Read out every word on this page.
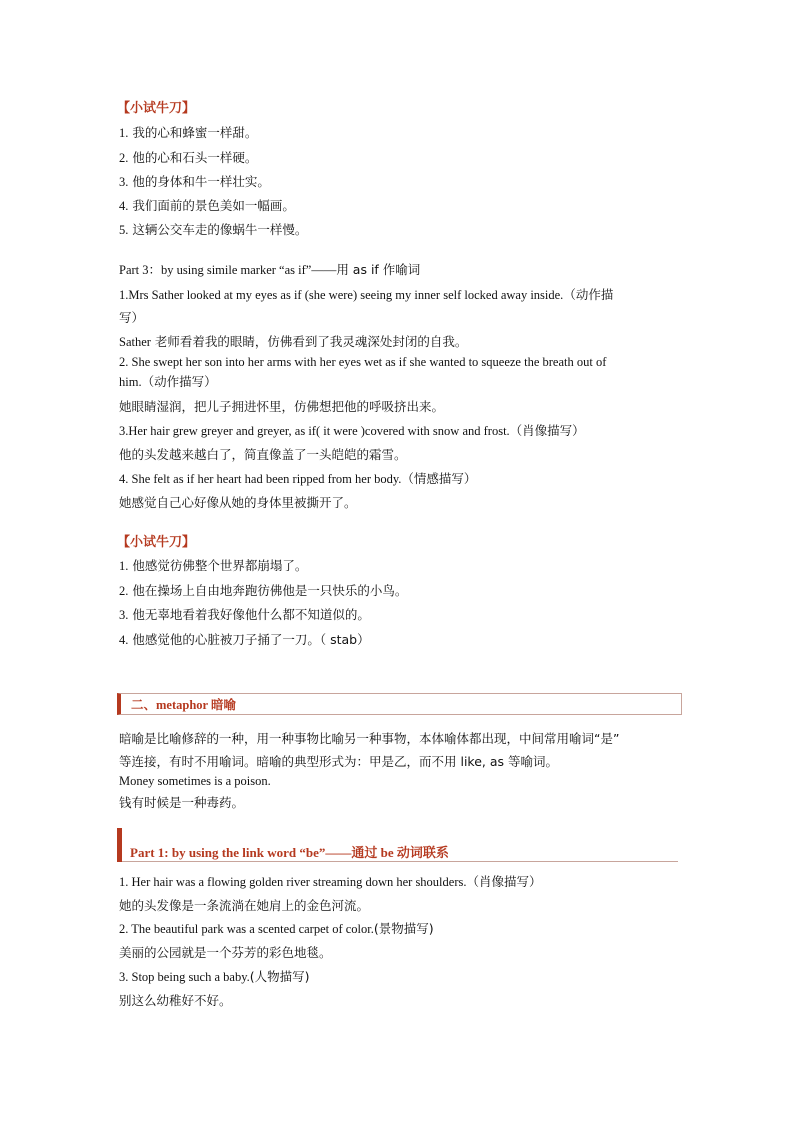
【小试牛刀】
1. 我的心和蜂蜜一样甜。
2. 他的心和石头一样硬。
3. 他的身体和牛一样壮实。
4. 我们面前的景色美如一幅画。
5. 这辆公交车走的像蜗牛一样慢。
Part 3：by using simile marker “as if”——用 as if 作喻词
1.Mrs Sather looked at my eyes as if (she were) seeing my inner self locked away inside.（动作描
写）
Sather 老师看着我的眼睛，仿佛看到了我灵魂深处封闭的自我。
2. She swept her son into her arms with her eyes wet as if she wanted to squeeze the breath out of
him.（动作描写）
她眼睛湿润，把儿子拥进怀里，仿佛想把他的呼吸挤出来。
3.Her hair grew greyer and greyer, as if( it were )covered with snow and frost.（肖像描写）
他的头发越来越白了，简直像盖了一头皑皑的霜雪。
4. She felt as if her heart had been ripped from her body.（情感描写）
她感觉自己心好像从她的身体里被撕开了。
【小试牛刀】
1. 他感觉彷佛整个世界都崩塌了。
2. 他在操场上自由地奔跑彷佛他是一只快乐的小鸟。
3. 他无辜地看着我好像他什么都不知道似的。
4. 他感觉他的心脏被刀子捅了一刀。（ stab）
二、metaphor 暗喻
暗喻是比喻修辞的一种，用一种事物比喻另一种事物，本体喻体都出现，中间常用喻词“是”
等连接，有时不用喻词。暗喻的典型形式为：甲是乙，而不用 like, as 等喻词。
Money sometimes is a poison.
钱有时候是一种毒药。
Part 1: by using the link word “be”——通过 be 动词联系
1. Her hair was a flowing golden river streaming down her shoulders.（肖像描写）
她的头发像是一条流淌在她肩上的金色河流。
2. The beautiful park was a scented carpet of color.(景物描写)
美丽的公园就是一个芬芳的彩色地毯。
3. Stop being such a baby.(人物描写)
别这么幼稚好不好。
